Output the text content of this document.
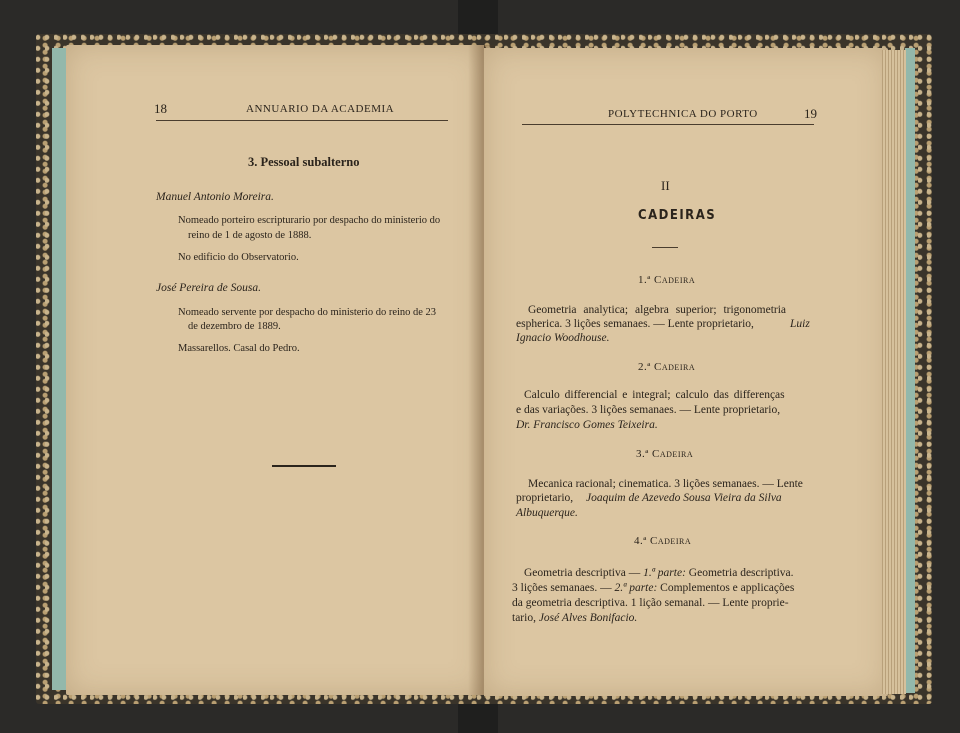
18	ANNUARIO DA ACADEMIA
3. Pessoal subalterno
Manuel Antonio Moreira.
Nomeado porteiro escripturario por despacho do ministerio do
reino de 1 de agosto de 1888.
No edificio do Observatorio.
José Pereira de Sousa.
Nomeado servente por despacho do ministerio do reino de 23
de dezembro de 1889.
Massarellos. Casal do Pedro.
POLYTECHNICA DO PORTO	19
II
CADEIRAS
1.ª Cadeira
Geometria analytica; algebra superior; trigonometria
espherica. 3 lições semanaes. — Lente proprietario,	Luiz
Ignacio Woodhouse.
2.ª Cadeira
Calculo differencial e integral; calculo das differenças
e das variações. 3 lições semanaes. — Lente proprietario,
Dr. Francisco Gomes Teixeira.
3.ª Cadeira
Mecanica racional; cinematica. 3 lições semanaes. — Lente
proprietario, Joaquim de Azevedo Sousa Vieira da Silva
Albuquerque.
4.ª Cadeira
Geometria descriptiva — 1.ª parte: Geometria descriptiva.
3 lições semanaes. — 2.ª parte: Complementos e applicações
da geometria descriptiva. 1 lição semanal. — Lente proprie-
tario, José Alves Bonifacio.
